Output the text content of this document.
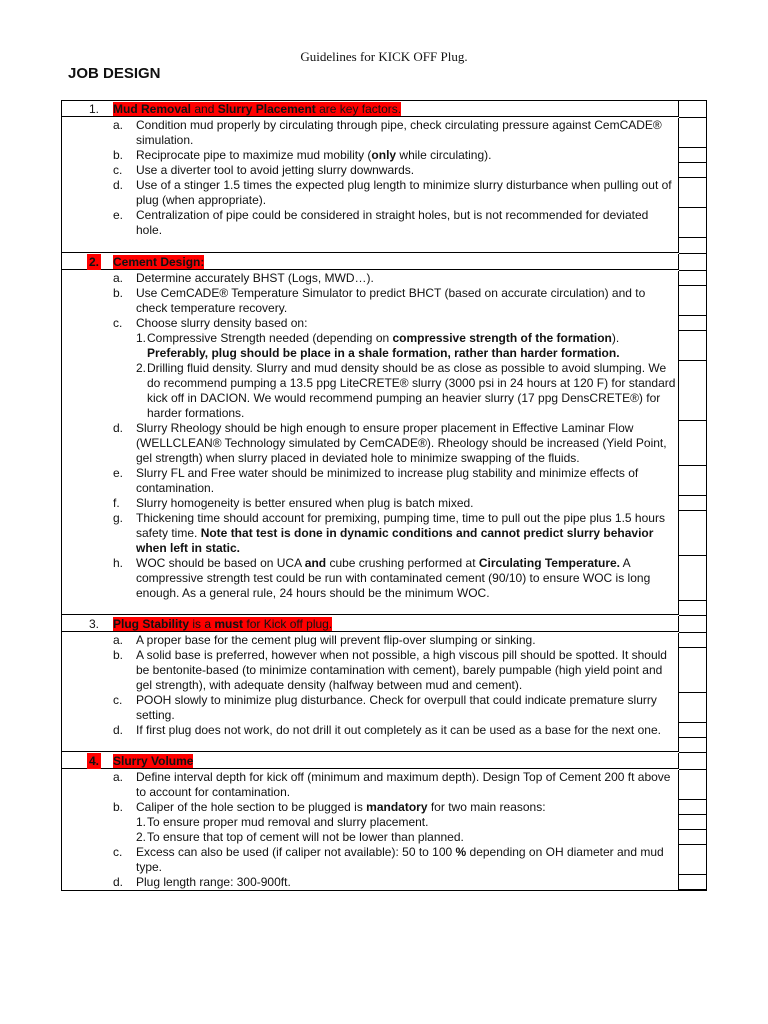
Guidelines for KICK OFF Plug.
JOB DESIGN
1. Mud Removal and Slurry Placement are key factors.
a. Condition mud properly by circulating through pipe, check circulating pressure against CemCADE® simulation.
b. Reciprocate pipe to maximize mud mobility (only while circulating).
c. Use a diverter tool to avoid jetting slurry downwards.
d. Use of a stinger 1.5 times the expected plug length to minimize slurry disturbance when pulling out of plug (when appropriate).
e. Centralization of pipe could be considered in straight holes, but is not recommended for deviated hole.
2. Cement Design:
a. Determine accurately BHST (Logs, MWD…).
b. Use CemCADE® Temperature Simulator to predict BHCT (based on accurate circulation) and to check temperature recovery.
c. Choose slurry density based on:
1. Compressive Strength needed (depending on compressive strength of the formation).
Preferably, plug should be place in a shale formation, rather than harder formation.
2. Drilling fluid density. Slurry and mud density should be as close as possible to avoid slumping. We do recommend pumping a 13.5 ppg LiteCRETE® slurry (3000 psi in 24 hours at 120 F) for standard kick off in DACION. We would recommend pumping an heavier slurry (17 ppg DensCRETE®) for harder formations.
d. Slurry Rheology should be high enough to ensure proper placement in Effective Laminar Flow (WELLCLEAN® Technology simulated by CemCADE®). Rheology should be increased (Yield Point, gel strength) when slurry placed in deviated hole to minimize swapping of the fluids.
e. Slurry FL and Free water should be minimized to increase plug stability and minimize effects of contamination.
f. Slurry homogeneity is better ensured when plug is batch mixed.
g. Thickening time should account for premixing, pumping time, time to pull out the pipe plus 1.5 hours safety time. Note that test is done in dynamic conditions and cannot predict slurry behavior when left in static.
h. WOC should be based on UCA and cube crushing performed at Circulating Temperature. A compressive strength test could be run with contaminated cement (90/10) to ensure WOC is long enough. As a general rule, 24 hours should be the minimum WOC.
3. Plug Stability is a must for Kick off plug.
a. A proper base for the cement plug will prevent flip-over slumping or sinking.
b. A solid base is preferred, however when not possible, a high viscous pill should be spotted. It should be bentonite-based (to minimize contamination with cement), barely pumpable (high yield point and gel strength), with adequate density (halfway between mud and cement).
c. POOH slowly to minimize plug disturbance. Check for overpull that could indicate premature slurry setting.
d. If first plug does not work, do not drill it out completely as it can be used as a base for the next one.
4. Slurry Volume
a. Define interval depth for kick off (minimum and maximum depth). Design Top of Cement 200 ft above to account for contamination.
b. Caliper of the hole section to be plugged is mandatory for two main reasons:
1. To ensure proper mud removal and slurry placement.
2. To ensure that top of cement will not be lower than planned.
c. Excess can also be used (if caliper not available): 50 to 100 % depending on OH diameter and mud type.
d. Plug length range: 300-900ft.
